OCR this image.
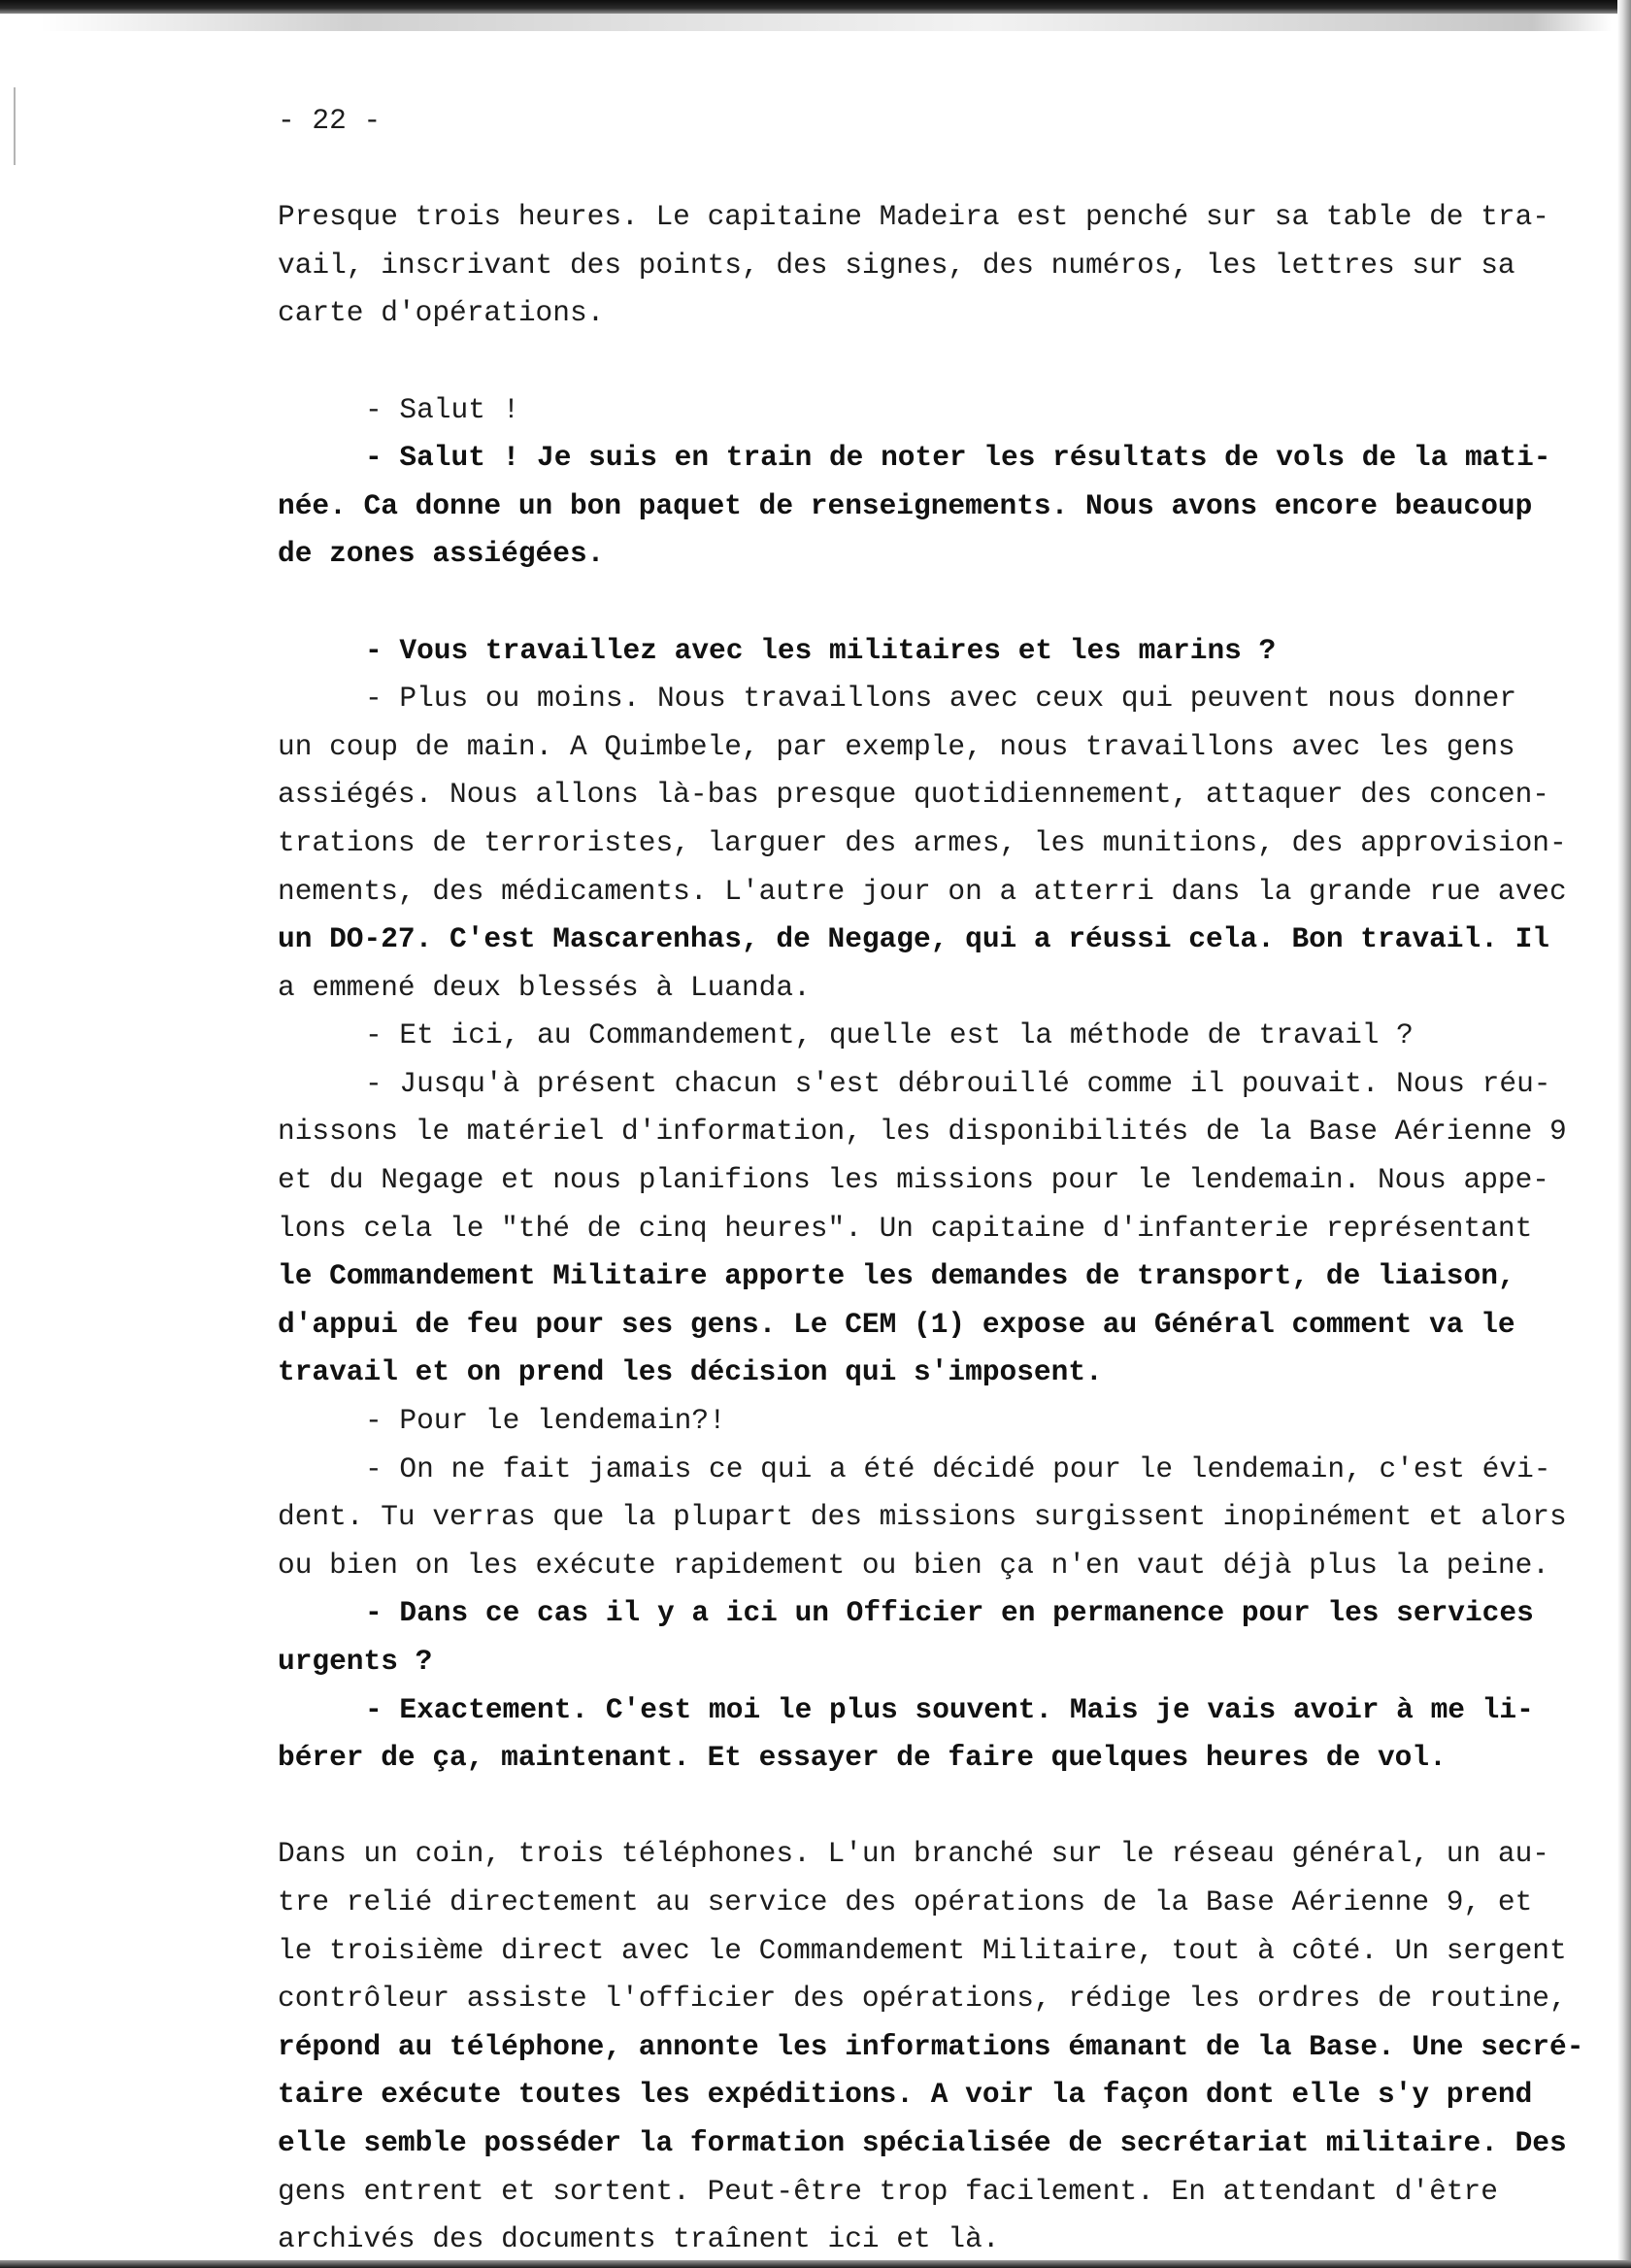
- 22 -
Presque trois heures. Le capitaine Madeira est penché sur sa table de tra-
vail, inscrivant des points, des signes, des numéros, les lettres sur sa
carte d'opérations.
- Salut !
- Salut ! Je suis en train de noter les résultats de vols de la mati-
née. Ca donne un bon paquet de renseignements. Nous avons encore beaucoup
de zones assiégées.
- Vous travaillez avec les militaires et les marins ?
- Plus ou moins. Nous travaillons avec ceux qui peuvent nous donner
un coup de main. A Quimbele, par exemple, nous travaillons avec les gens
assiégés. Nous allons là-bas presque quotidiennement, attaquer des concen-
trations de terroristes, larguer des armes, les munitions, des approvision-
nements, des médicaments. L'autre jour on a atterri dans la grande rue avec
un DO-27. C'est Mascarenhas, de Negage, qui a réussi cela. Bon travail. Il
a emmené deux blessés à Luanda.
- Et ici, au Commandement, quelle est la méthode de travail ?
- Jusqu'à présent chacun s'est débrouillé comme il pouvait. Nous réu-
nissons le matériel d'information, les disponibilités de la Base Aérienne 9
et du Negage et nous planifions les missions pour le lendemain. Nous appe-
lons cela le "thé de cinq heures". Un capitaine d'infanterie représentant
le Commandement Militaire apporte les demandes de transport, de liaison,
d'appui de feu pour ses gens. Le CEM (1) expose au Général comment va le
travail et on prend les décision qui s'imposent.
- Pour le lendemain?!
- On ne fait jamais ce qui a été décidé pour le lendemain, c'est évi-
dent. Tu verras que la plupart des missions surgissent inopinément et alors
ou bien on les exécute rapidement ou bien ça n'en vaut déjà plus la peine.
- Dans ce cas il y a ici un Officier en permanence pour les services
urgents ?
- Exactement. C'est moi le plus souvent. Mais je vais avoir à me li-
bérer de ça, maintenant. Et essayer de faire quelques heures de vol.
Dans un coin, trois téléphones. L'un branché sur le réseau général, un au-
tre relié directement au service des opérations de la Base Aérienne 9, et
le troisième direct avec le Commandement Militaire, tout à côté. Un sergent
contrôleur assiste l'officier des opérations, rédige les ordres de routine,
répond au téléphone, annonte les informations émanant de la Base. Une secré-
taire exécute toutes les expéditions. A voir la façon dont elle s'y prend
elle semble posséder la formation spécialisée de secrétariat militaire. Des
gens entrent et sortent. Peut-être trop facilement. En attendant d'être
archivés des documents traînent ici et là.
